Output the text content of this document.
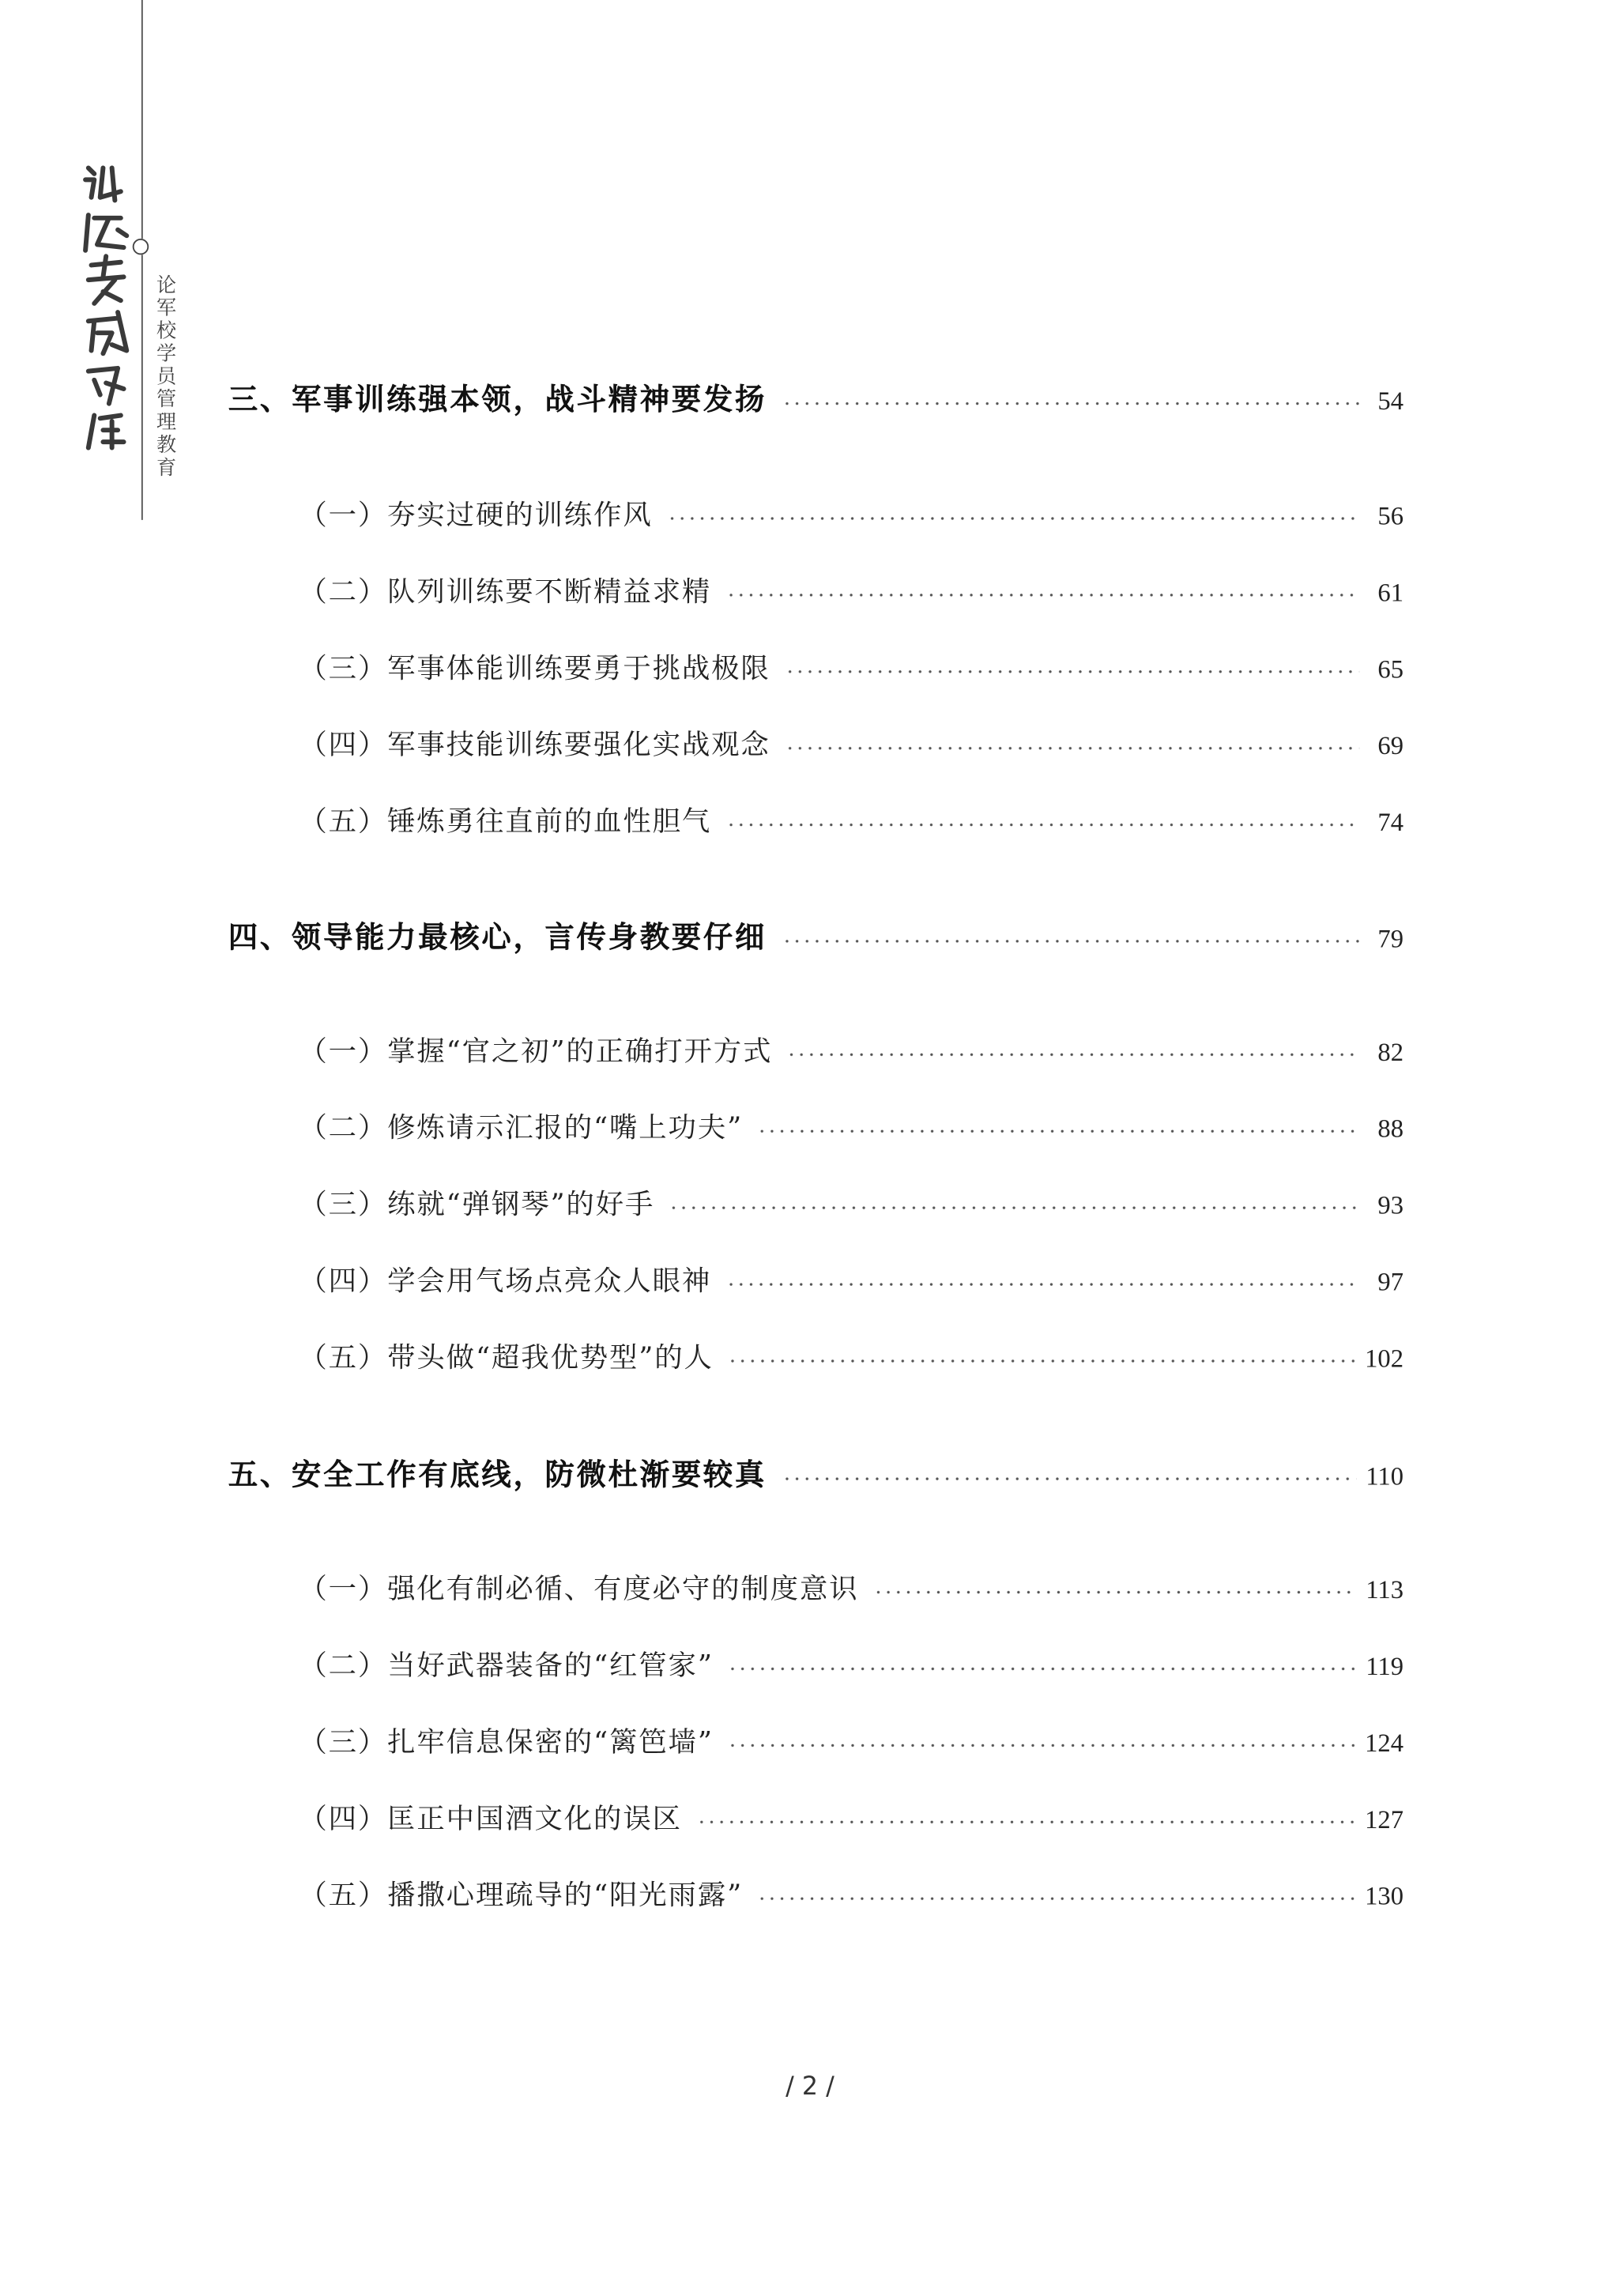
论军校学员管理教育	三、军事训练强本领，战斗精神要发扬	54
（一）夯实过硬的训练作风	56
（二）队列训练要不断精益求精	61
（三）军事体能训练要勇于挑战极限	65
（四）军事技能训练要强化实战观念	69
（五）锤炼勇往直前的血性胆气	74
四、领导能力最核心，言传身教要仔细	79
（一）掌握“官之初”的正确打开方式	82
（二）修炼请示汇报的“嘴上功夫”	88
（三）练就“弹钢琴”的好手	93
（四）学会用气场点亮众人眼神	97
（五）带头做“超我优势型”的人	102
五、安全工作有底线，防微杜渐要较真	110
（一）强化有制必循、有度必守的制度意识	113
（二）当好武器装备的“红管家”	119
（三）扎牢信息保密的“篱笆墙”	124
（四）匡正中国酒文化的误区	127
（五）播撒心理疏导的“阳光雨露”	130
/ 2 /
